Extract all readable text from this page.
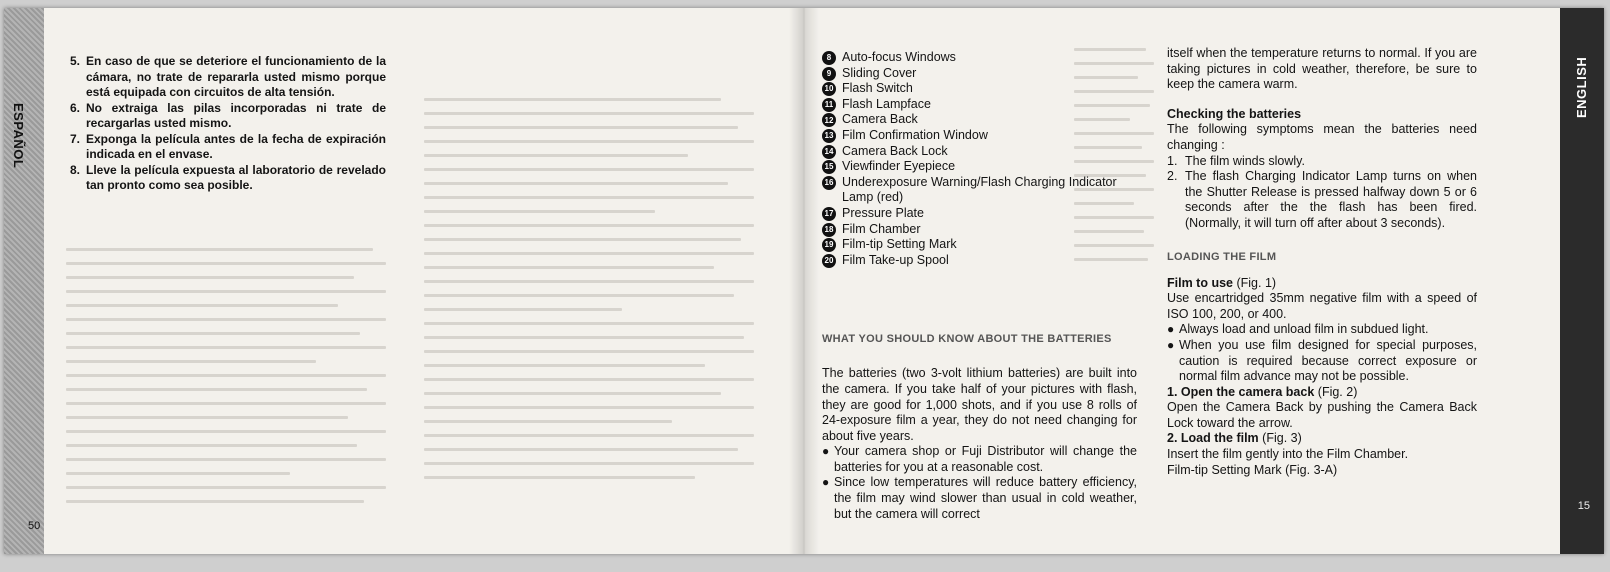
ESPAÑOL
50
5. En caso de que se deteriore el funcionamiento de la cámara, no trate de repararla usted mismo porque está equipada con circuitos de alta tensión.
6. No extraiga las pilas incorporadas ni trate de recargarlas usted mismo.
7. Exponga la película antes de la fecha de expiración indicada en el envase.
8. Lleve la película expuesta al laboratorio de revelado tan pronto como sea posible.
ENGLISH
15
8 Auto-focus Windows
9 Sliding Cover
10 Flash Switch
11 Flash Lampface
12 Camera Back
13 Film Confirmation Window
14 Camera Back Lock
15 Viewfinder Eyepiece
16 Underexposure Warning/Flash Charging Indicator Lamp (red)
17 Pressure Plate
18 Film Chamber
19 Film-tip Setting Mark
20 Film Take-up Spool
WHAT YOU SHOULD KNOW ABOUT THE BATTERIES

The batteries (two 3-volt lithium batteries) are built into the camera. If you take half of your pictures with flash, they are good for 1,000 shots, and if you use 8 rolls of 24-exposure film a year, they do not need changing for about five years.

● Your camera shop or Fuji Distributor will change the batteries for you at a reasonable cost.
● Since low temperatures will reduce battery efficiency, the film may wind slower than usual in cold weather, but the camera will correct

itself when the temperature returns to normal. If you are taking pictures in cold weather, therefore, be sure to keep the camera warm.

Checking the batteries

The following symptoms mean the batteries need changing :

1. The film winds slowly.
2. The flash Charging Indicator Lamp turns on when the Shutter Release is pressed halfway down 5 or 6 seconds after the the flash has been fired. (Normally, it will turn off after about 3 seconds).
LOADING THE FILM
Film to use (Fig. 1)

Use encartridged 35mm negative film with a speed of ISO 100, 200, or 400.

● Always load and unload film in subdued light.
● When you use film designed for special purposes, caution is required because correct exposure or normal film advance may not be possible.
1. Open the camera back (Fig. 2)

Open the Camera Back by pushing the Camera Back Lock toward the arrow.

2. Load the film (Fig. 3)

Insert the film gently into the Film Chamber.

Film-tip Setting Mark (Fig. 3-A)
